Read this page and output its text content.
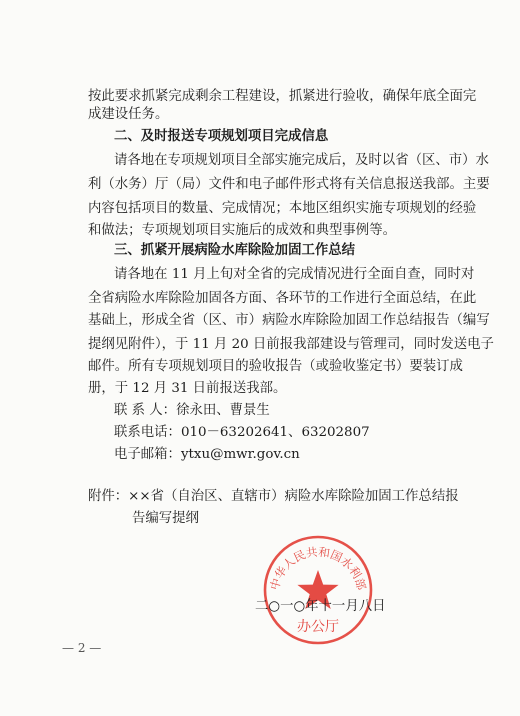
按此要求抓紧完成剩余工程建设，抓紧进行验收，确保年底全面完
成建设任务。
二、及时报送专项规划项目完成信息
请各地在专项规划项目全部实施完成后，及时以省（区、市）水
利（水务）厅（局）文件和电子邮件形式将有关信息报送我部。主要
内容包括项目的数量、完成情况；本地区组织实施专项规划的经验
和做法；专项规划项目实施后的成效和典型事例等。
三、抓紧开展病险水库除险加固工作总结
请各地在 11 月上旬对全省的完成情况进行全面自查，同时对
全省病险水库除险加固各方面、各环节的工作进行全面总结，在此
基础上，形成全省（区、市）病险水库除险加固工作总结报告（编写
提纲见附件），于 11 月 20 日前报我部建设与管理司，同时发送电子
邮件。所有专项规划项目的验收报告（或验收鉴定书）要装订成
册，于 12 月 31 日前报送我部。
联 系 人：徐永田、曹景生
联系电话：010－63202641、63202807
电子邮箱：ytxu@mwr.gov.cn
附件：××省（自治区、直辖市）病险水库除险加固工作总结报
告编写提纲
中华人民共和国水利部
办公厅
二○一○年十一月八日
— 2 —
